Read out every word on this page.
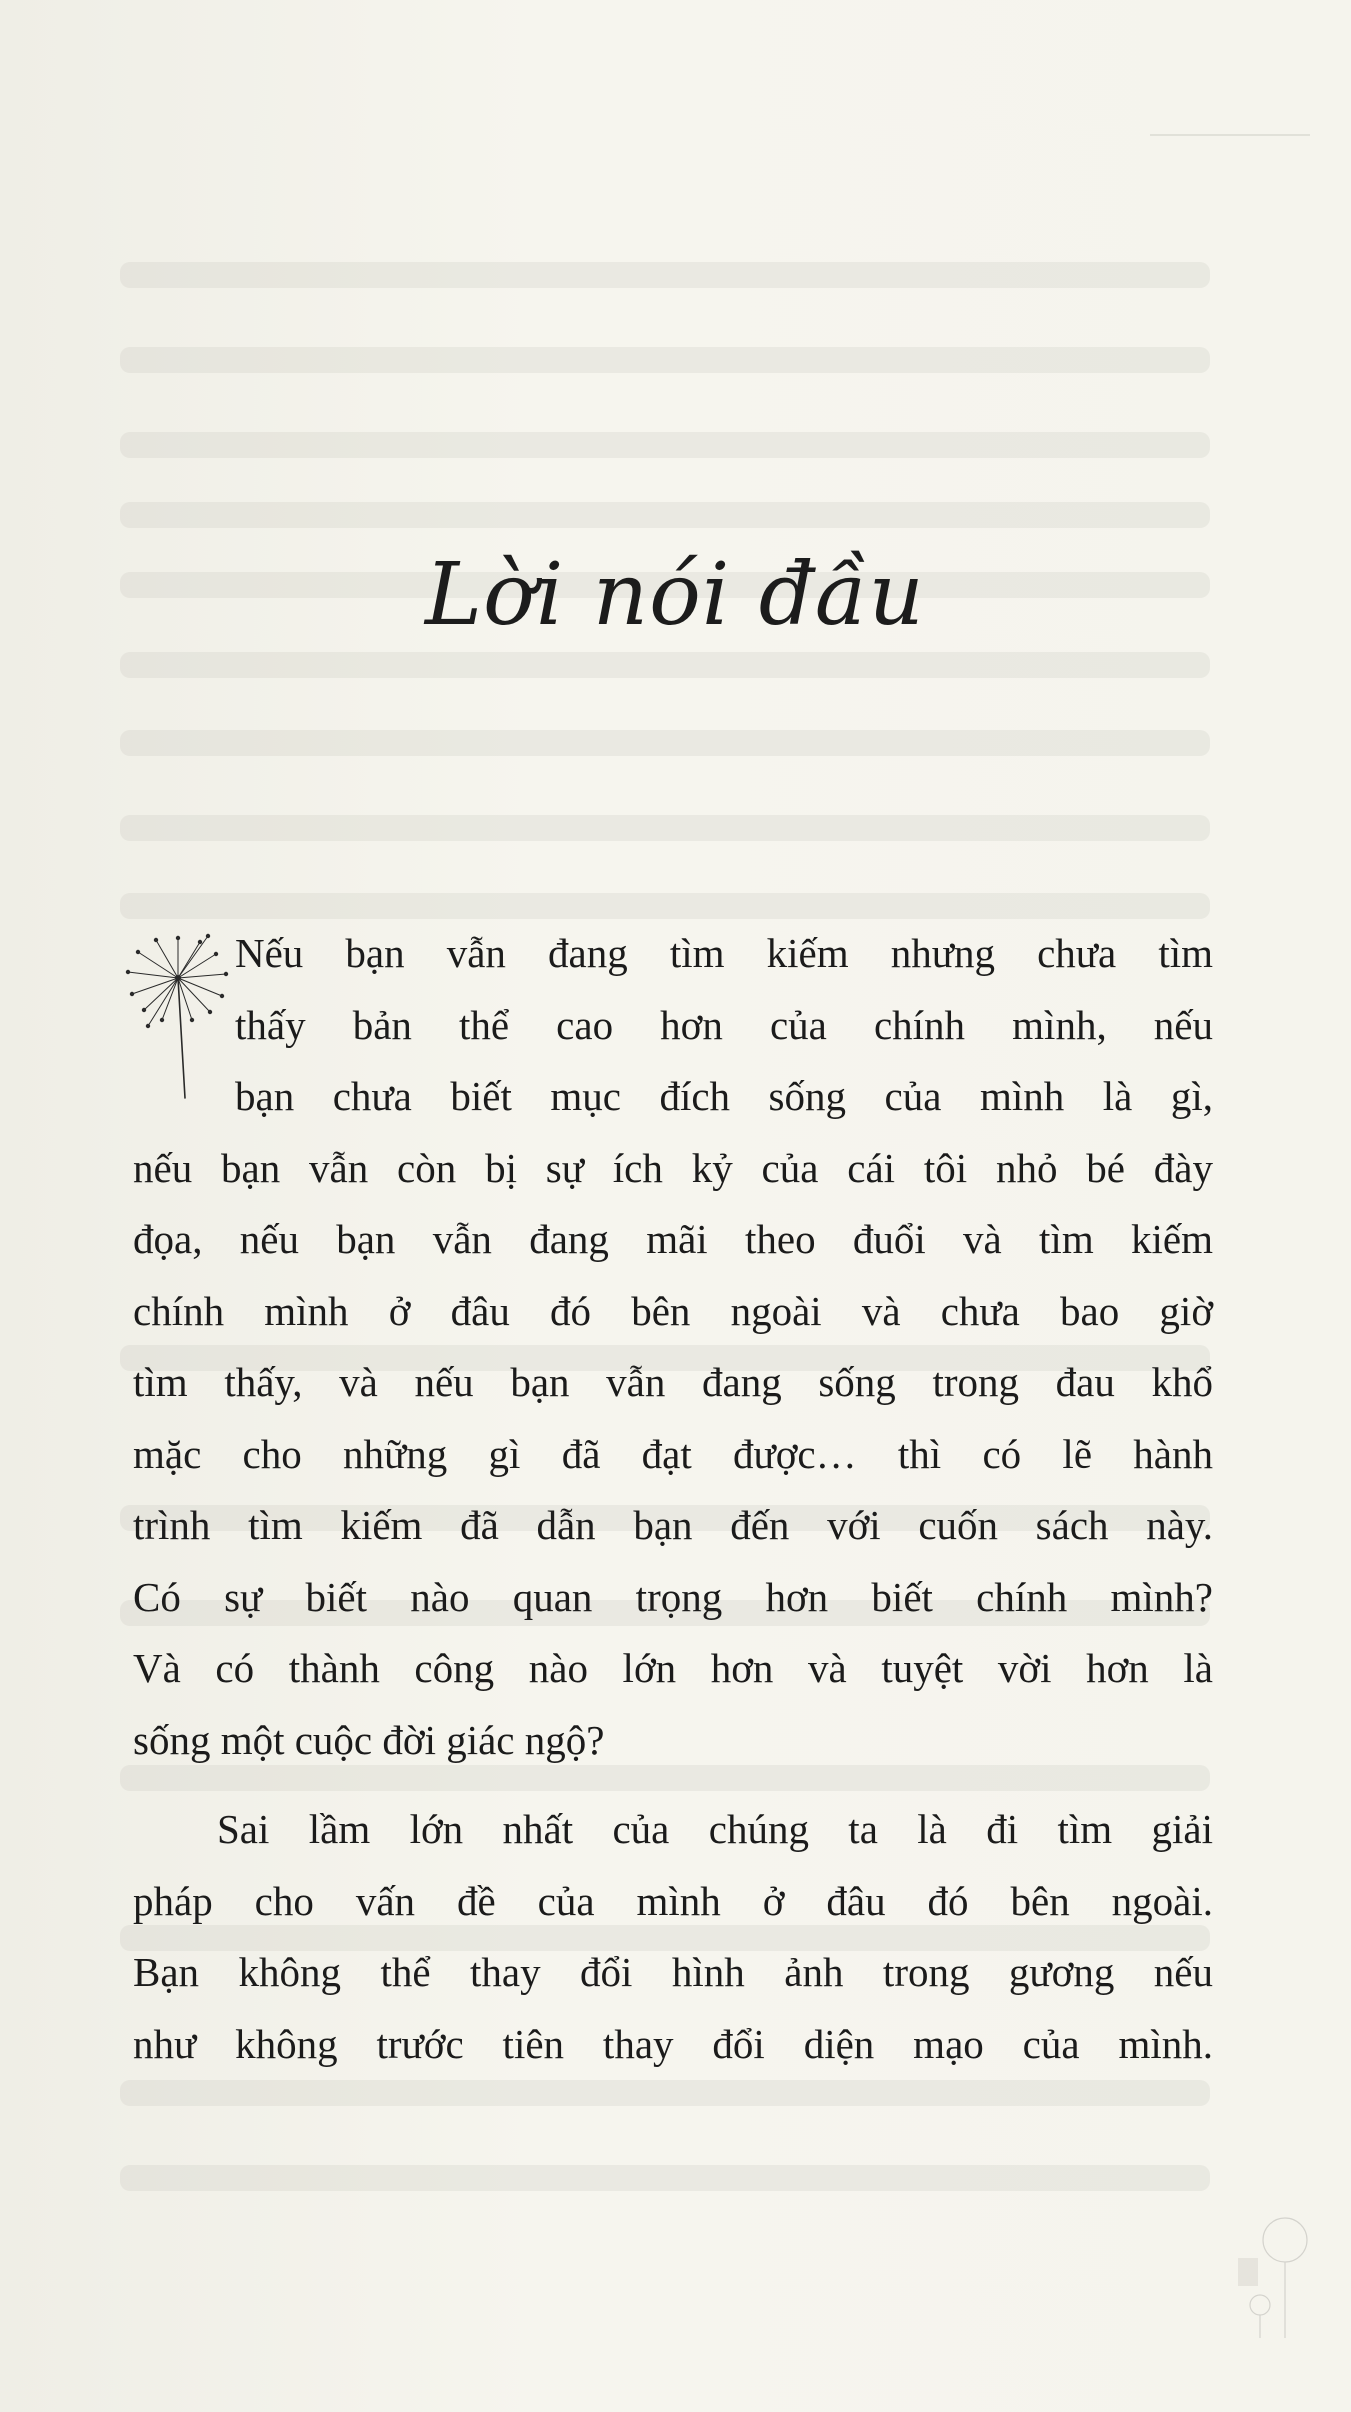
Lời nói đầu
Nếu bạn vẫn đang tìm kiếm nhưng chưa tìm
thấy bản thể cao hơn của chính mình, nếu
bạn chưa biết mục đích sống của mình là gì,
nếu bạn vẫn còn bị sự ích kỷ của cái tôi nhỏ bé đày
đọa, nếu bạn vẫn đang mãi theo đuổi và tìm kiếm
chính mình ở đâu đó bên ngoài và chưa bao giờ
tìm thấy, và nếu bạn vẫn đang sống trong đau khổ
mặc cho những gì đã đạt được… thì có lẽ hành
trình tìm kiếm đã dẫn bạn đến với cuốn sách này.
Có sự biết nào quan trọng hơn biết chính mình?
Và có thành công nào lớn hơn và tuyệt vời hơn là
sống một cuộc đời giác ngộ?
Sai lầm lớn nhất của chúng ta là đi tìm giải
pháp cho vấn đề của mình ở đâu đó bên ngoài.
Bạn không thể thay đổi hình ảnh trong gương nếu
như không trước tiên thay đổi diện mạo của mình.
